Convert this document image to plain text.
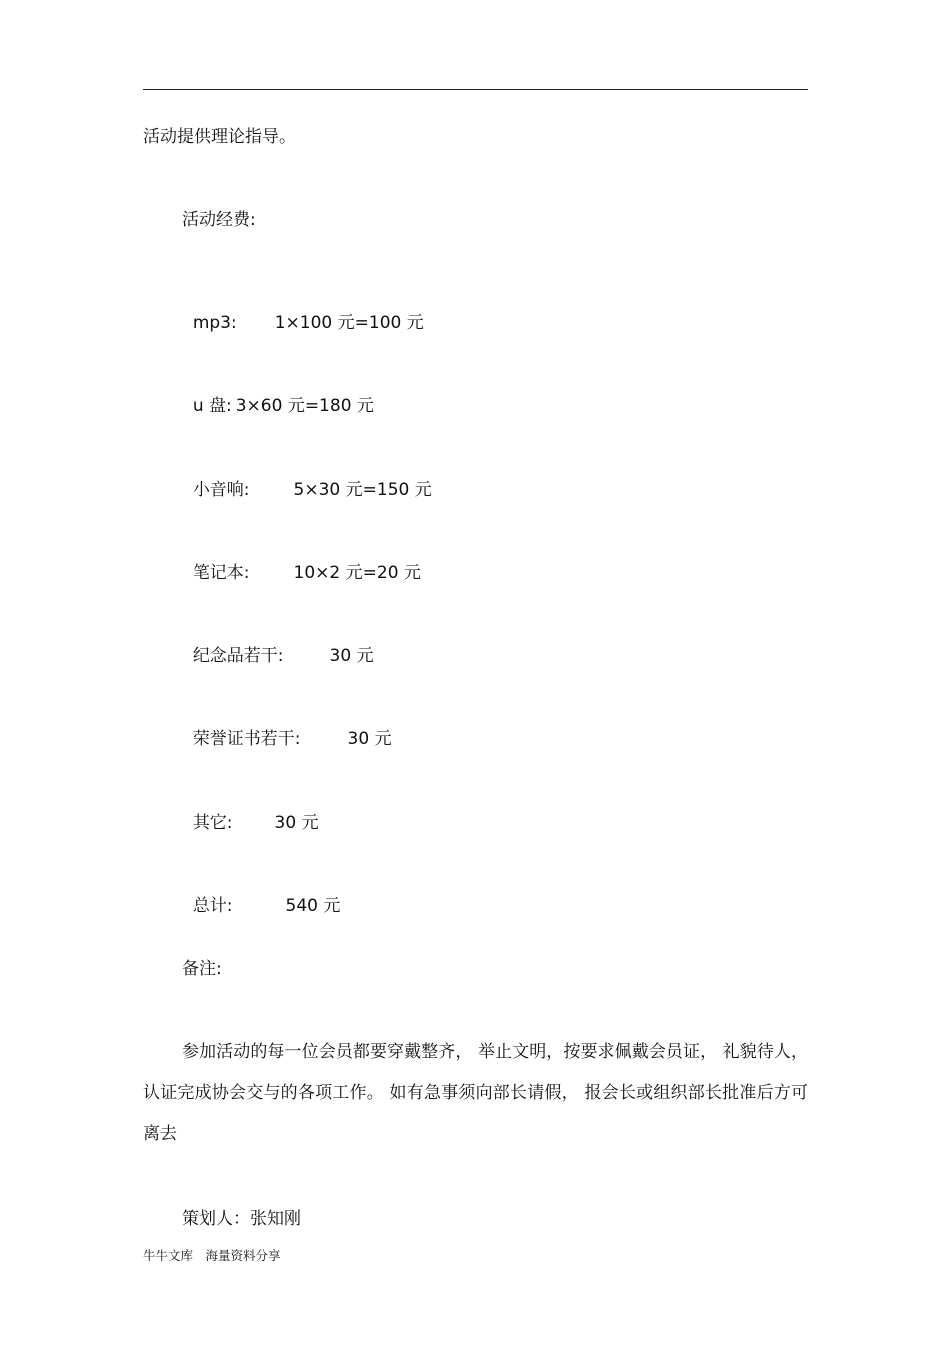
活动提供理论指导。
活动经费:

mp3: 1×100 元=100 元

u 盘: 3×60 元=180 元

小音响:	5×30 元=150 元

笔记本:	10×2 元=20 元

纪念品若干:	30 元

荣誉证书若干:	30 元

其它: 30 元

总计:	540 元

备注:
参加活动的每一位会员都要穿戴整齐， 举止文明，按要求佩戴会员证， 礼貌待人，认证完成协会交与的各项工作。 如有急事须向部长请假， 报会长或组织部长批准后方可离去
策划人：张知刚
牛牛文库　海量资料分享
